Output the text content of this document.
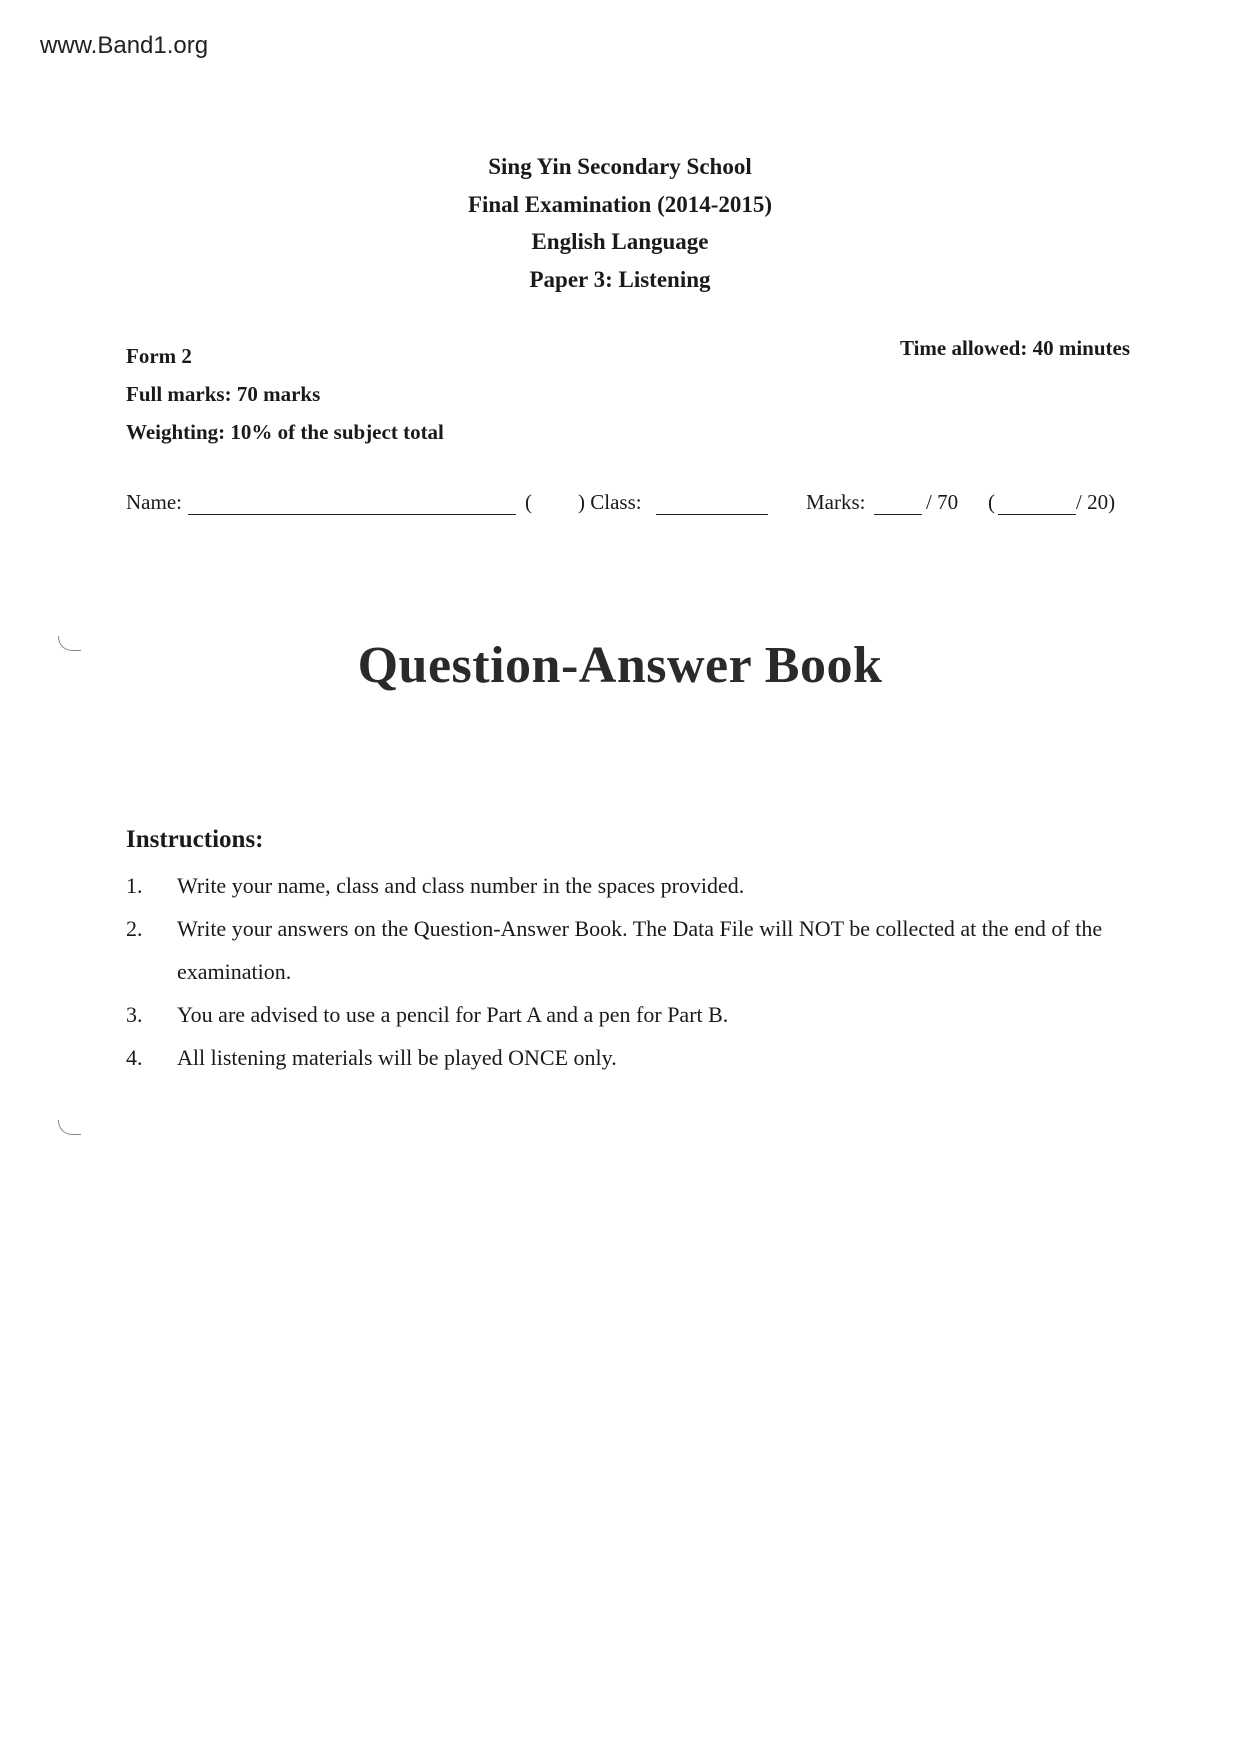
www.Band1.org
Sing Yin Secondary School
Final Examination (2014-2015)
English Language
Paper 3: Listening
Form 2
Full marks: 70 marks
Weighting: 10% of the subject total
Time allowed: 40 minutes
Name:	( ) Class:	Marks:	/ 70 (	/ 20)
Question-Answer Book
Instructions:
1. Write your name, class and class number in the spaces provided.
2. Write your answers on the Question-Answer Book. The Data File will NOT be collected at the end of the examination.
3. You are advised to use a pencil for Part A and a pen for Part B.
4. All listening materials will be played ONCE only.
